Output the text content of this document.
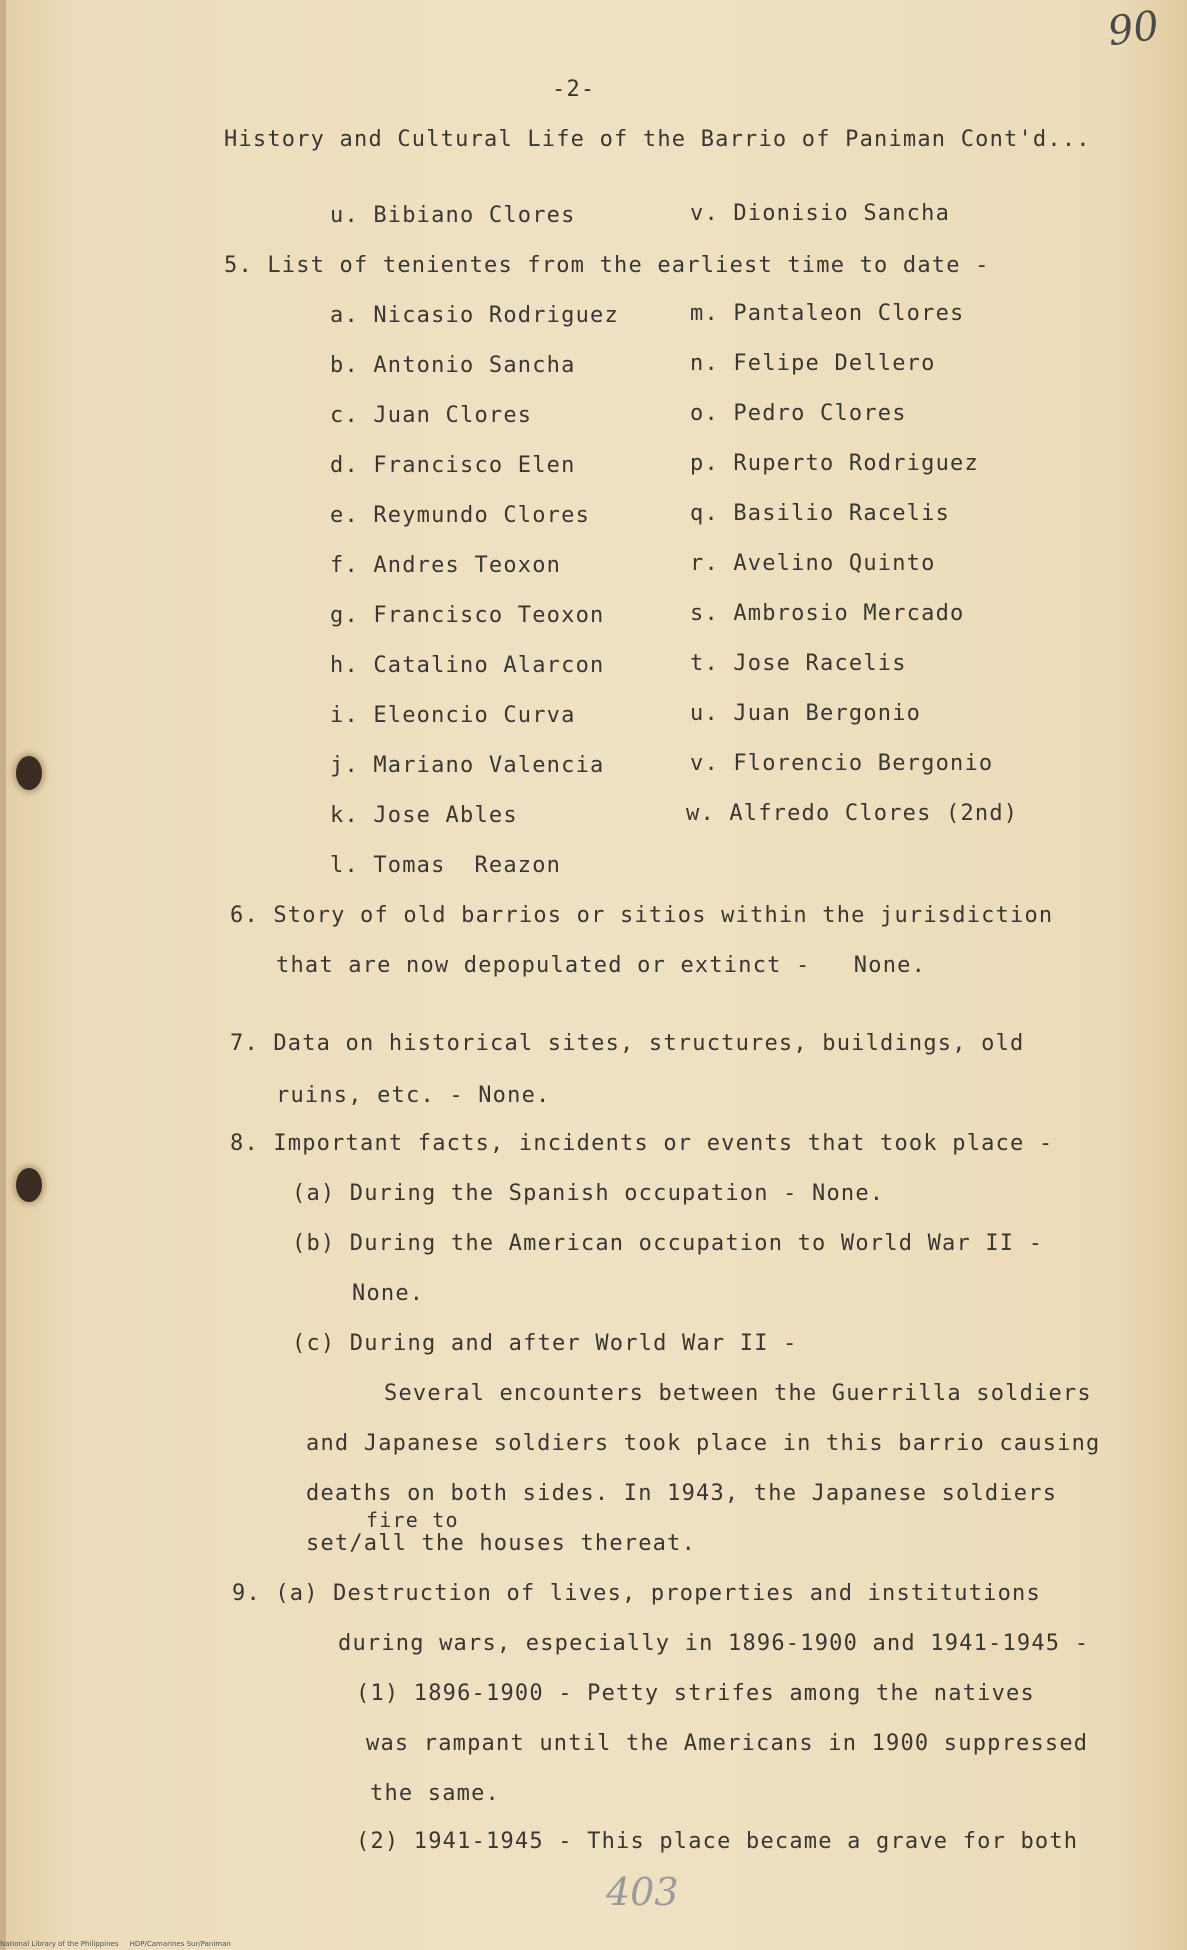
90
-2-
History and Cultural Life of the Barrio of Paniman Cont'd...
u. Bibiano Clores	v. Dionisio Sancha
5. List of tenientes from the earliest time to date -
a. Nicasio Rodriguez	m. Pantaleon Clores
b. Antonio Sancha	n. Felipe Dellero
c. Juan Clores	o. Pedro Clores
d. Francisco Elen	p. Ruperto Rodriguez
e. Reymundo Clores	q. Basilio Racelis
f. Andres Teoxon	r. Avelino Quinto
g. Francisco Teoxon	s. Ambrosio Mercado
h. Catalino Alarcon	t. Jose Racelis
i. Eleoncio Curva	u. Juan Bergonio
j. Mariano Valencia	v. Florencio Bergonio
k. Jose Ables	w. Alfredo Clores (2nd)
l. Tomas  Reazon
6. Story of old barrios or sitios within the jurisdiction
that are now depopulated or extinct -   None.
7. Data on historical sites, structures, buildings, old
ruins, etc. - None.
8. Important facts, incidents or events that took place -
(a) During the Spanish occupation - None.
(b) During the American occupation to World War II -
None.
(c) During and after World War II -
Several encounters between the Guerrilla soldiers
and Japanese soldiers took place in this barrio causing
deaths on both sides. In 1943, the Japanese soldiers
fire to
set/all the houses thereat.
9. (a) Destruction of lives, properties and institutions
during wars, especially in 1896-1900 and 1941-1945 -
(1) 1896-1900 - Petty strifes among the natives
was rampant until the Americans in 1900 suppressed
the same.
(2) 1941-1945 - This place became a grave for both
403
National Library of the Philippines     HDP/Camarines Sur/Paniman
